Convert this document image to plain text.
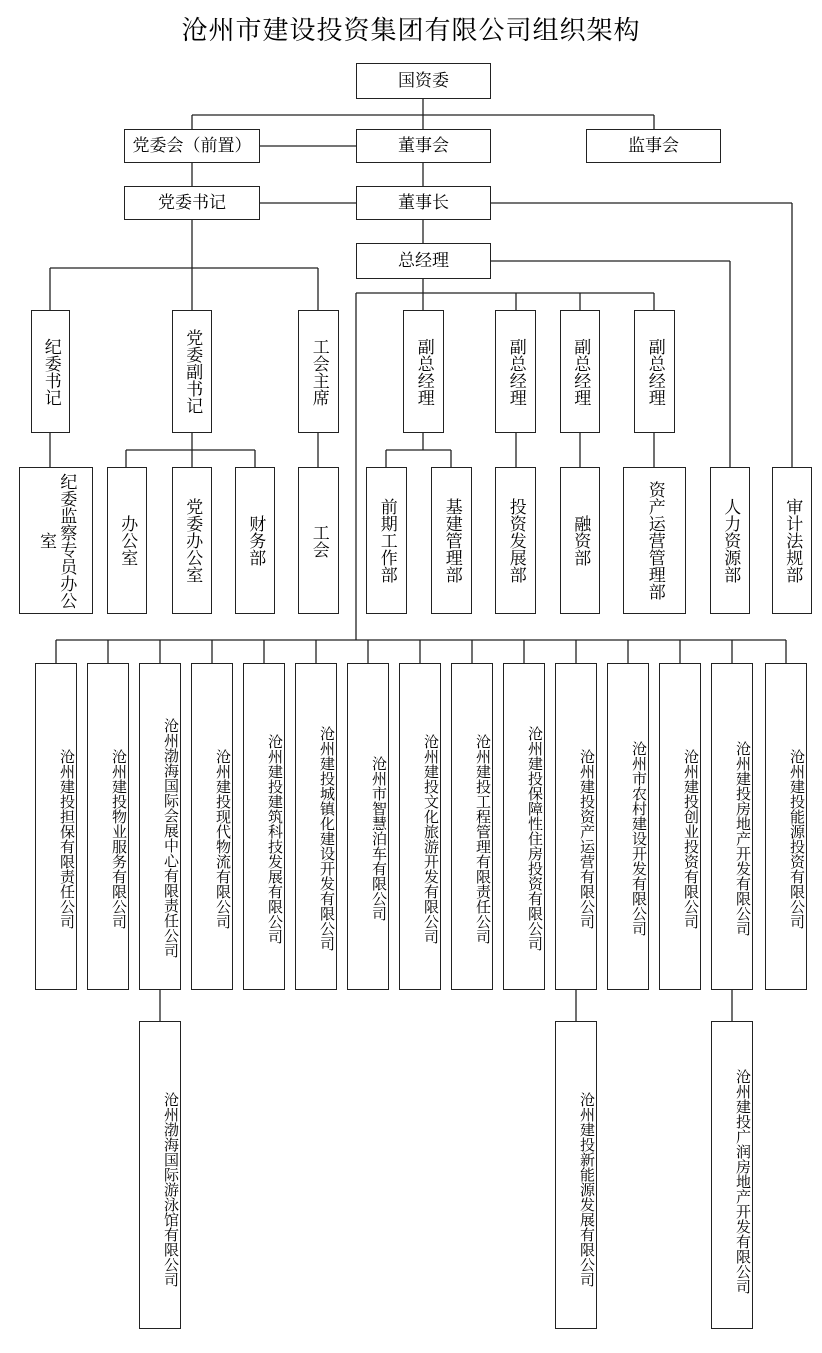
沧州市建设投资集团有限公司组织架构
国资委
党委会（前置）	董事会	监事会
党委书记	董事长
总经理
纪委书记	党委副书记	工会主席	副总经理	副总经理	副总经理	副总经理
纪委监察专员办公室	办公室	党委办公室	财务部	工会	前期工作部	基建管理部	投资发展部	融资部	资产运营管理部	人力资源部	审计法规部
沧州建投担保有限责任公司	沧州建投物业服务有限公司	沧州渤海国际会展中心有限责任公司	沧州建投现代物流有限公司	沧州建投建筑科技发展有限公司	沧州建投城镇化建设开发有限公司	沧州市智慧泊车有限公司	沧州建投文化旅游开发有限公司	沧州建投工程管理有限责任公司	沧州建投保障性住房投资有限公司	沧州建投资产运营有限公司	沧州市农村建设开发有限公司	沧州建投创业投资有限公司	沧州建投房地产开发有限公司	沧州建投能源投资有限公司
沧州渤海国际游泳馆有限公司	沧州建投新能源发展有限公司	沧州建投广润房地产开发有限公司
